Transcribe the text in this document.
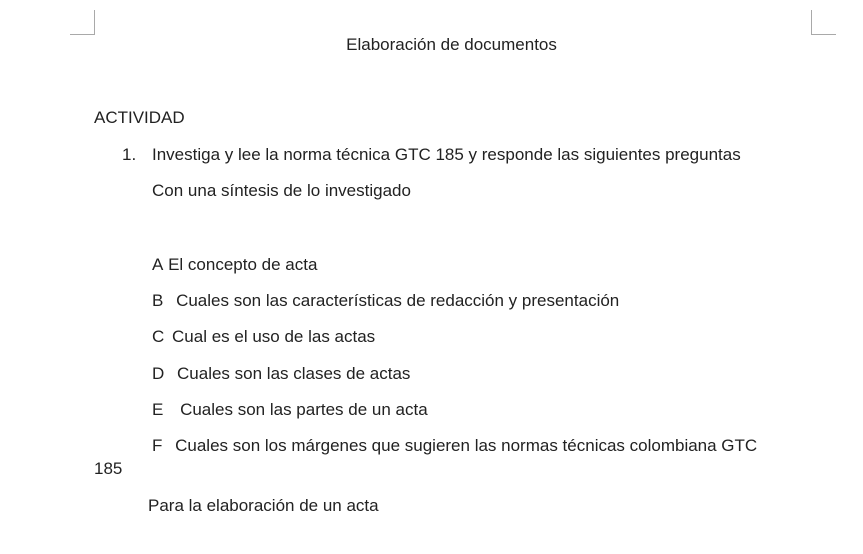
Elaboración de documentos
ACTIVIDAD
1. Investiga y lee la norma técnica GTC 185 y responde las siguientes preguntas
Con una síntesis de lo investigado
A El concepto de acta
B Cuales son las características de redacción y presentación
C Cual es el uso de las actas
D Cuales son las clases de actas
E Cuales son las partes de un acta
F Cuales son los márgenes que sugieren las normas técnicas colombiana GTC
185
Para la elaboración de un acta
